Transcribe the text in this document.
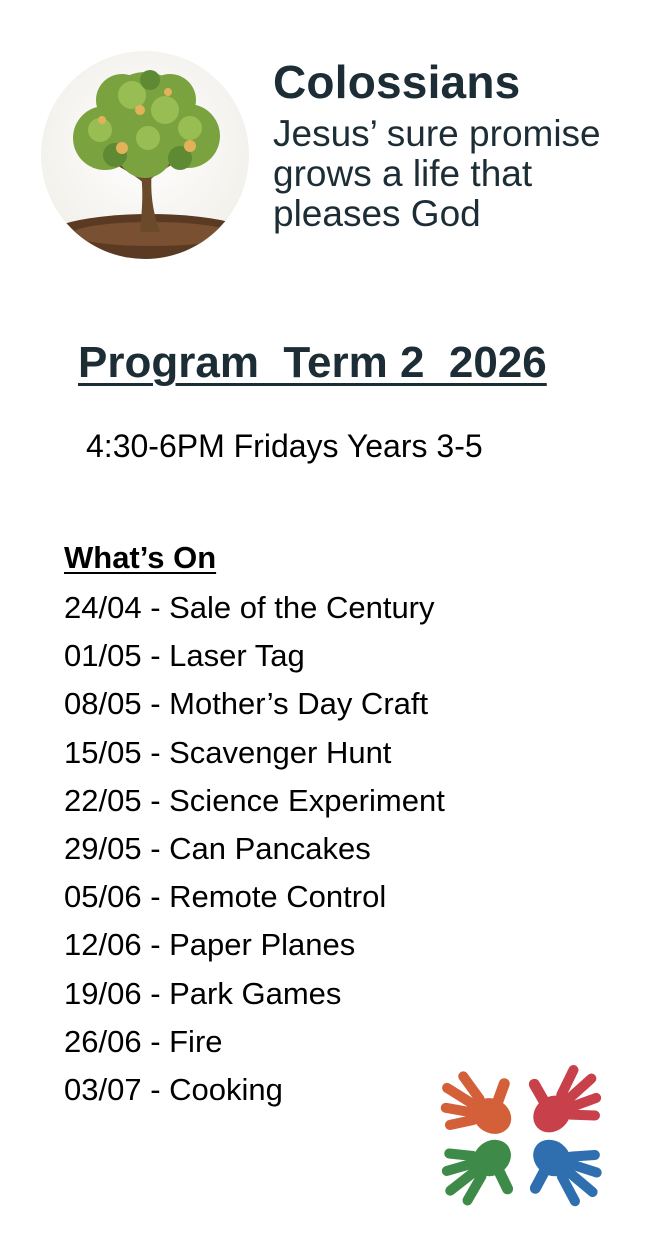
Colossians
Jesus’ sure promise grows a life that pleases God
Program  Term 2  2026
4:30-6PM Fridays Years 3-5
What’s On
24/04 - Sale of the Century
01/05 - Laser Tag
08/05 - Mother’s Day Craft
15/05 - Scavenger Hunt
22/05 - Science Experiment
29/05 - Can Pancakes
05/06 - Remote Control
12/06 - Paper Planes
19/06 - Park Games
26/06 - Fire
03/07 - Cooking
